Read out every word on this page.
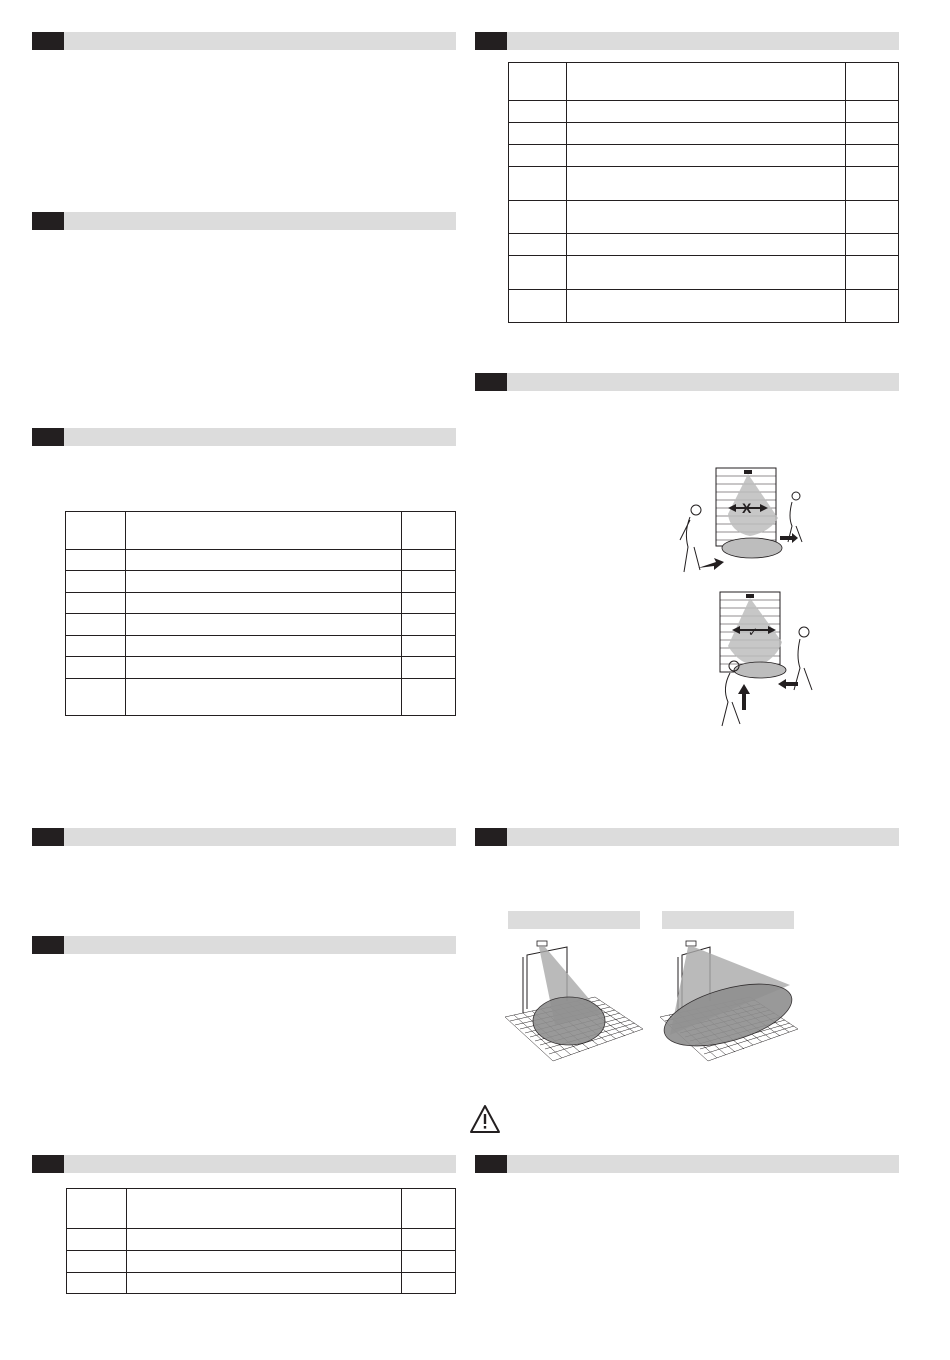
X
✓
